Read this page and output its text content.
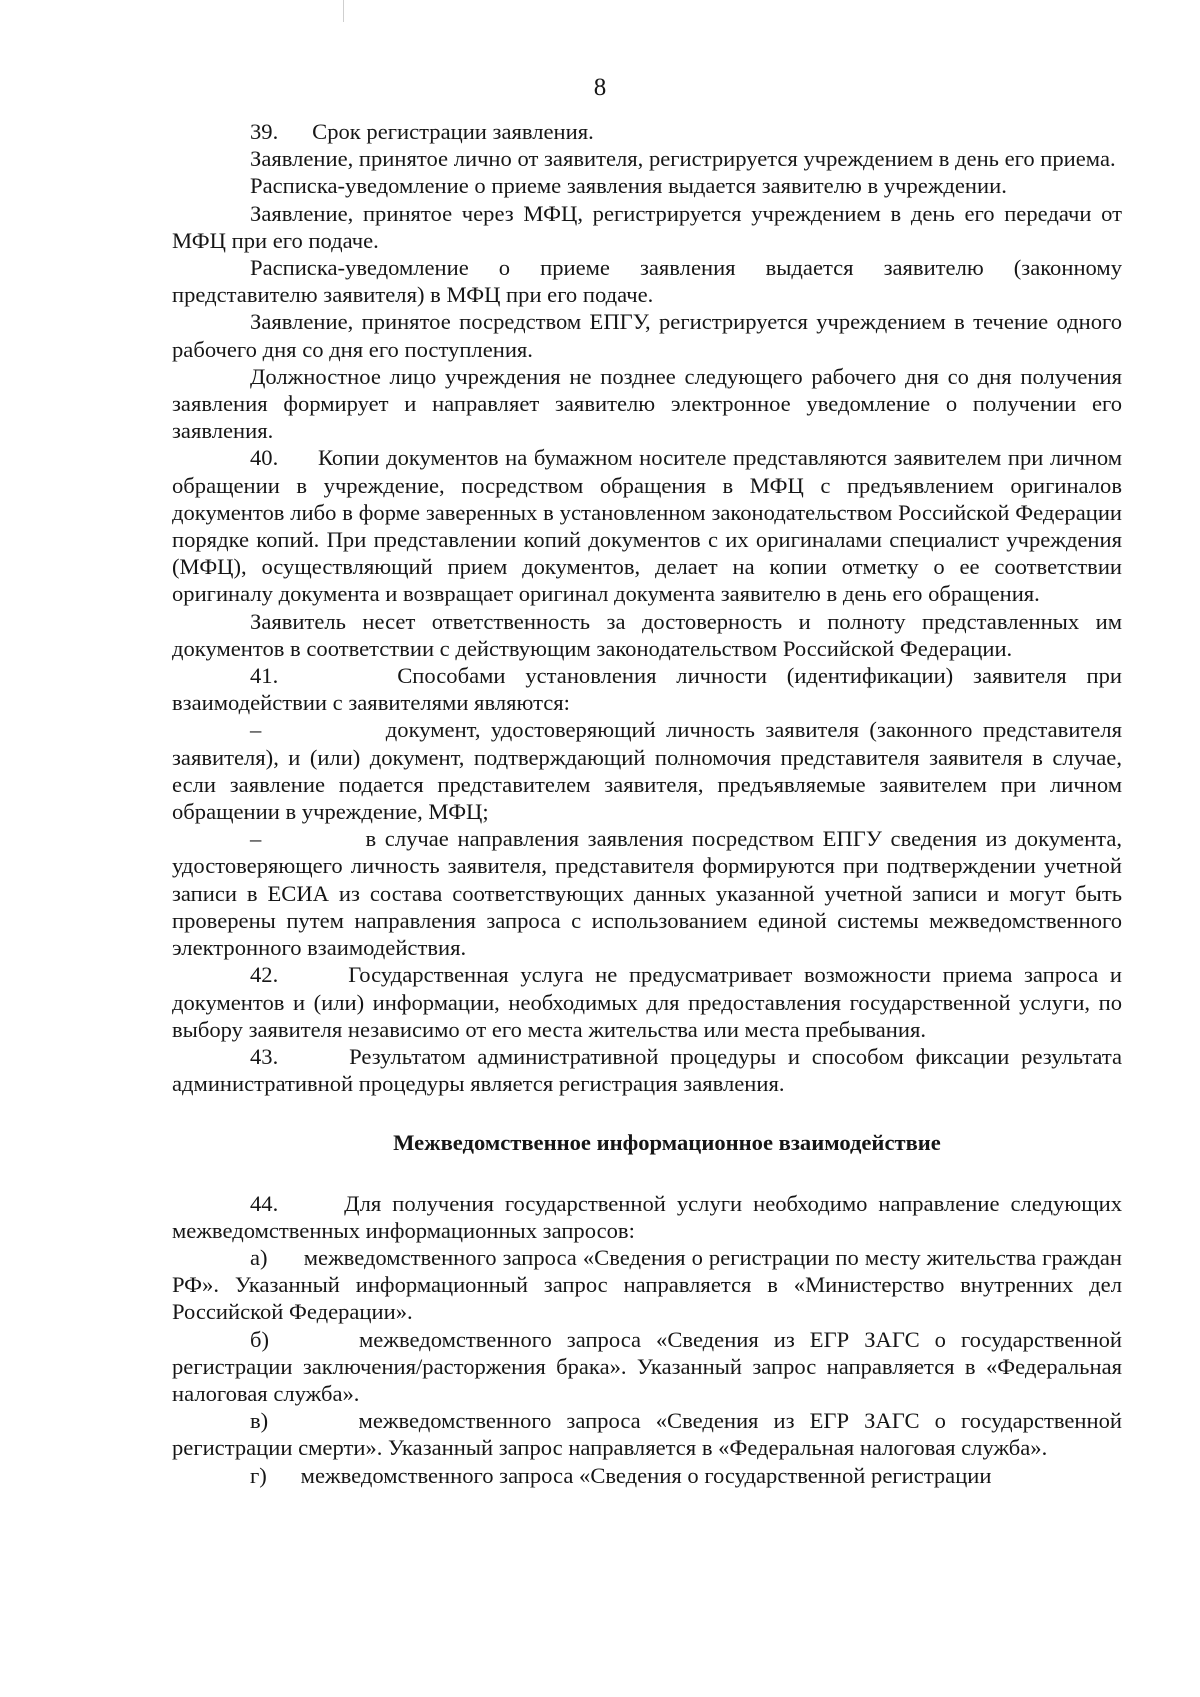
8

39.      Срок регистрации заявления.

Заявление, принятое лично от заявителя, регистрируется учреждением в день его приема.

Расписка-уведомление о приеме заявления выдается заявителю в учреждении.

Заявление, принятое через МФЦ, регистрируется учреждением в день его передачи от МФЦ при его подаче.

Расписка-уведомление о приеме заявления выдается заявителю (законному представителю заявителя) в МФЦ при его подаче.

Заявление, принятое посредством ЕПГУ, регистрируется учреждением в течение одного рабочего дня со дня его поступления.

Должностное лицо учреждения не позднее следующего рабочего дня со дня получения заявления формирует и направляет заявителю электронное уведомление о получении его заявления.

40.      Копии документов на бумажном носителе представляются заявителем при личном обращении в учреждение, посредством обращения в МФЦ с предъявлением оригиналов документов либо в форме заверенных в установленном законодательством Российской Федерации порядке копий. При представлении копий документов с их оригиналами специалист учреждения (МФЦ), осуществляющий прием документов, делает на копии отметку о ее соответствии оригиналу документа и возвращает оригинал документа заявителю в день его обращения.

Заявитель несет ответственность за достоверность и полноту представленных им документов в соответствии с действующим законодательством Российской Федерации.

41.      Способами установления личности (идентификации) заявителя при взаимодействии с заявителями являются:

–            документ, удостоверяющий личность заявителя (законного представителя заявителя), и (или) документ, подтверждающий полномочия представителя заявителя в случае, если заявление подается представителем заявителя, предъявляемые заявителем при личном обращении в учреждение, МФЦ;

–            в случае направления заявления посредством ЕПГУ сведения из документа, удостоверяющего личность заявителя, представителя формируются при подтверждении учетной записи в ЕСИА из состава соответствующих данных указанной учетной записи и могут быть проверены путем направления запроса с использованием единой системы межведомственного электронного взаимодействия.

42.      Государственная услуга не предусматривает возможности приема запроса и документов и (или) информации, необходимых для предоставления государственной услуги, по выбору заявителя независимо от его места жительства или места пребывания.

43.      Результатом административной процедуры и способом фиксации результата административной процедуры является регистрация заявления.

Межведомственное информационное взаимодействие

44.      Для получения государственной услуги необходимо направление следующих межведомственных информационных запросов:

а)      межведомственного запроса «Сведения о регистрации по месту жительства граждан РФ». Указанный информационный запрос направляется в «Министерство внутренних дел Российской Федерации».

б)      межведомственного запроса «Сведения из ЕГР ЗАГС о государственной регистрации заключения/расторжения брака». Указанный запрос направляется в «Федеральная налоговая служба».

в)      межведомственного запроса «Сведения из ЕГР ЗАГС о государственной регистрации смерти». Указанный запрос направляется в «Федеральная налоговая служба».

г)      межведомственного запроса «Сведения о государственной регистрации
